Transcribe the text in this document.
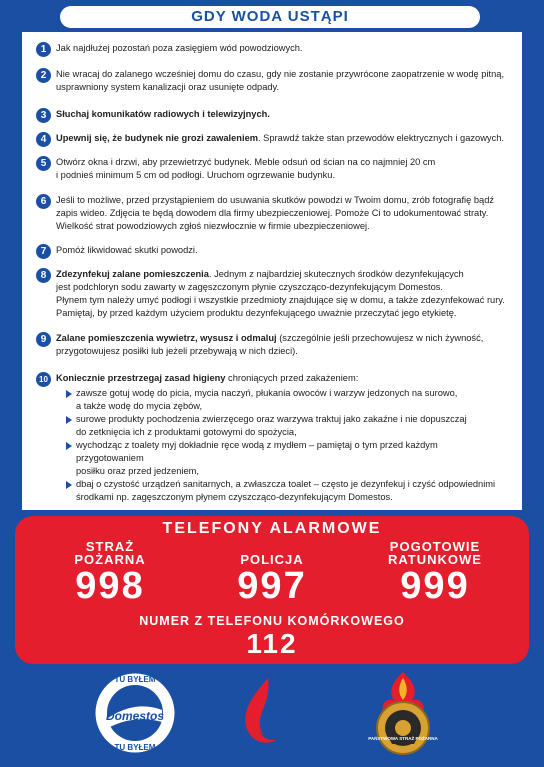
GDY WODA USTĄPI
1	Jak najdłużej pozostań poza zasięgiem wód powodziowych.

2	Nie wracaj do zalanego wcześniej domu do czasu, gdy nie zostanie przywrócone zaopatrzenie w wodę pitną,

usprawniony system kanalizacji oraz usunięte odpady.

3	Słuchaj komunikatów radiowych i telewizyjnych.

4	Upewnij się, że budynek nie grozi zawaleniem. Sprawdź także stan przewodów elektrycznych i gazowych.

5	Otwórz okna i drzwi, aby przewietrzyć budynek. Meble odsuń od ścian na co najmniej 20 cm

i podnieś minimum 5 cm od podłogi. Uruchom ogrzewanie budynku.

6	Jeśli to możliwe, przed przystąpieniem do usuwania skutków powodzi w Twoim domu, zrób fotografię bądź

zapis wideo. Zdjęcia te będą dowodem dla firmy ubezpieczeniowej. Pomoże Ci to udokumentować straty.

Wielkość strat powodziowych zgłoś niezwłocznie w firmie ubezpieczeniowej.

7	Pomóż likwidować skutki powodzi.

8	Zdezynfekuj zalane pomieszczenia. Jednym z najbardziej skutecznych środków dezynfekujących

jest podchloryn sodu zawarty w zagęszczonym płynie czyszcząco-dezynfekującym Domestos.

Płynem tym należy umyć podłogi i wszystkie przedmioty znajdujące się w domu, a także zdezynfekować rury.

Pamiętaj, by przed każdym użyciem produktu dezynfekującego uważnie przeczytać jego etykietę.

9	Zalane pomieszczenia wywietrz, wysusz i odmaluj (szczególnie jeśli przechowujesz w nich żywność,

przygotowujesz posiłki lub jeżeli przebywają w nich dzieci).

10 Koniecznie przestrzegaj zasad higieny chroniących przed zakażeniem:

zawsze gotuj wodę do picia, mycia naczyń, płukania owoców i warzyw jedzonych na surowo,

a także wodę do mycia zębów,

surowe produkty pochodzenia zwierzęcego oraz warzywa traktuj jako zakaźne i nie dopuszczaj

do zetknięcia ich z produktami gotowymi do spożycia,

wychodząc z toalety myj dokładnie ręce wodą z mydłem – pamiętaj o tym przed każdym przygotowaniem

posiłku oraz przed jedzeniem,

dbaj o czystość urządzeń sanitarnych, a zwłaszcza toalet – często je dezynfekuj i czyść odpowiednimi

środkami np. zagęszczonym płynem czyszcząco-dezynfekującym Domestos.

TELEFONY ALARMOWE
STRAŻ
POŻARNA
998
POLICJA
997
POGOTOWIE
RATUNKOWE
999
NUMER Z TELEFONU KOMÓRKOWEGO
112
Domestos
TU BYŁEM
TU BYŁEM
ZWIĄZEK OSP RP
PAŃSTWOWA STRAŻ POŻARNA
